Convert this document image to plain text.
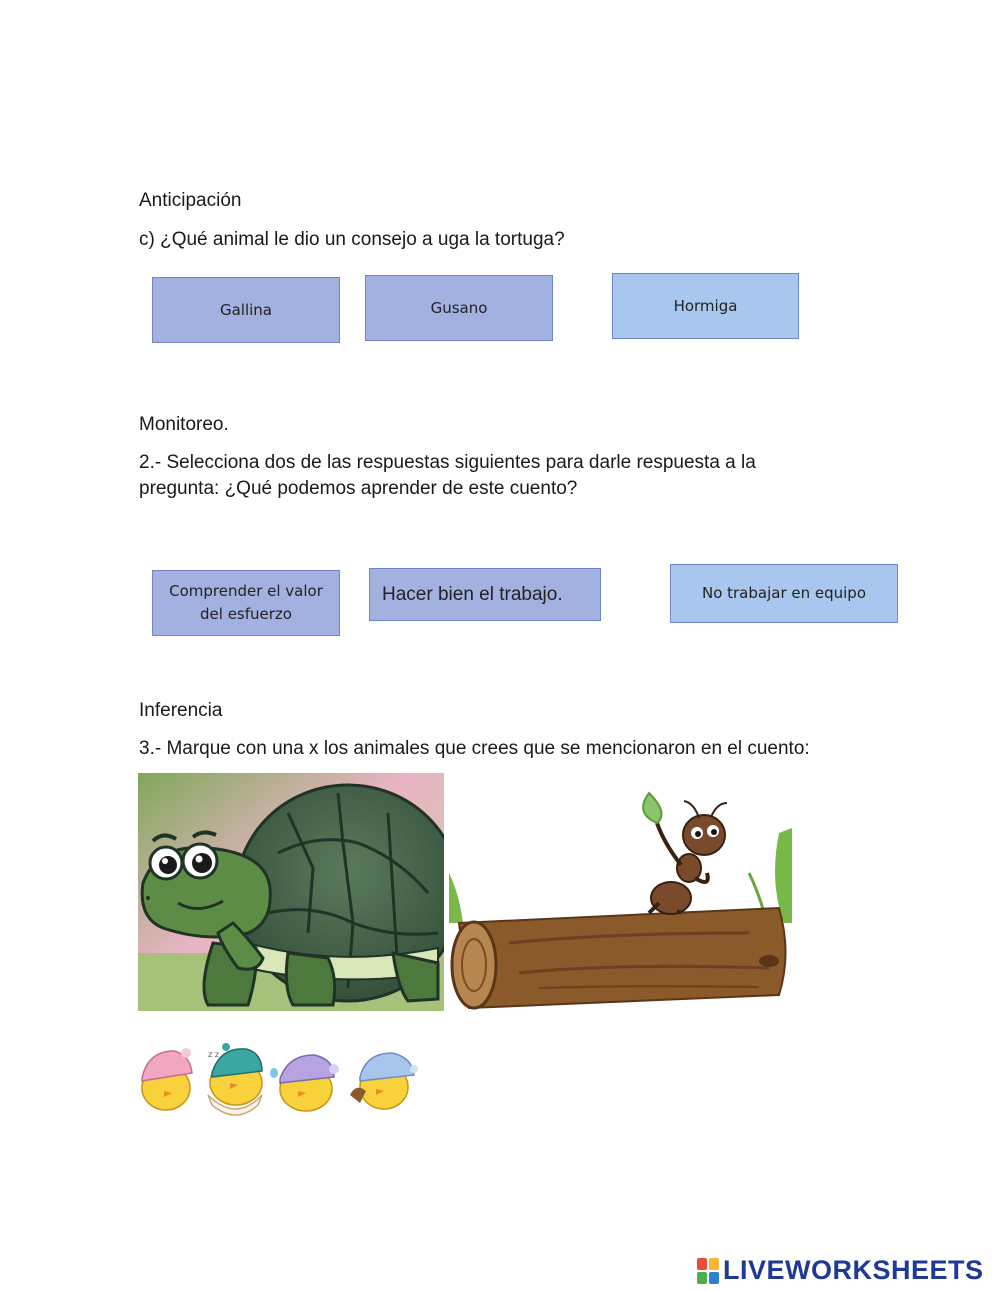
Anticipación
c) ¿Qué animal le dio un consejo a uga la tortuga?
Gallina	Gusano	Hormiga
Monitoreo.
2.- Selecciona dos de las respuestas siguientes para darle respuesta a la
pregunta: ¿Qué podemos aprender de este cuento?
Comprender el valor del esfuerzo
Hacer bien el trabajo.	No trabajar en equipo
Inferencia
3.- Marque con una x los animales que crees que se mencionaron en el cuento:
z z
LIVEWORKSHEETS
